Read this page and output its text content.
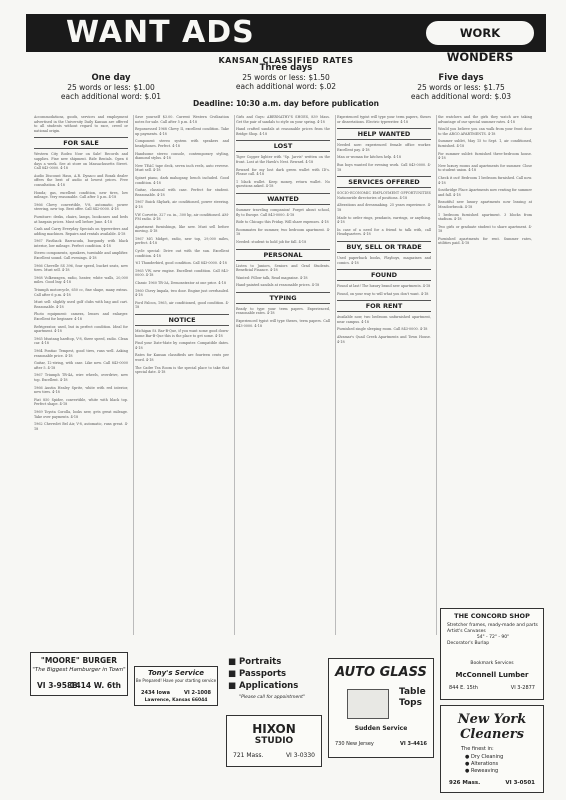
WANT ADS	WORK WONDERS
KANSAN CLASSIFIED RATES
One day
25 words or less: $1.00
each additional word: $.01
Three days
25 words or less: $1.50
each additional word: $.02
Five days
25 words or less: $1.75
each additional word: $.03
Deadline: 10:30 a.m. day before publication
Accommodations, goods, services and employment advertised in the University Daily Kansan are offered to all students without regard to race, creed or national origin.
FOR SALE
Western City Rodeo Now on Sale! Records and supplies. Fine new shipment. Ride Rentals. Open 6 days a week. See at store on Massachusetts Street. Call 843-0000. 4-18
Audio Discount Haus, A.R. Dynaco and Bozak dealer offers the best of audio at lowest prices. Free consultation. 4-18
Honda; gas, excellent condition, new tires, low mileage. Very reasonable. Call after 5 p.m. 4-18
1966 Chevy convertible, V-8, automatic, power steering, new top. Best offer. Call 842-0000. 4-18
Furniture: desks, chairs, lamps, bookcases and beds at bargain prices. Must sell before June. 4-18
Cash and Carry Everyday Specials on typewriters and adding machines. Repairs and rentals available. 4-18
1967 Fastback Barracuda, burgundy with black interior, low mileage. Perfect condition. 4-18
Stereo components, speakers, turntable and amplifier. Excellent sound. Call evenings. 4-18
1966 Chevelle SS 396, four speed, bucket seats, new tires. Must sell. 4-18
1968 Volkswagen, radio, heater, white walls, 20,000 miles. Good buy. 4-18
Triumph motorcycle, 650 cc, fine shape, many extras. Call after 6 p.m. 4-18
Must sell: slightly used golf clubs with bag and cart. Reasonable. 4-18
Photo equipment: camera, lenses and enlarger. Excellent for beginner. 4-18
Refrigerator, used, but in perfect condition. Ideal for apartment. 4-18
1965 Mustang hardtop, V-8, three speed, radio. Clean car. 4-18
1964 Pontiac Tempest, good tires, runs well. Asking reasonable price. 4-18
Guitar, 12-string, with case. Like new. Call 843-0000 after 5. 4-18
1967 Triumph TR-4A, wire wheels, overdrive, new top. Excellent. 4-18
1966 Austin Healey Sprite, white with red interior, new tires. 4-18
Fiat 850 Spider, convertible, white with black top. Perfect shape. 4-18
1969 Toyota Corolla, looks new, gets great mileage. Take over payments. 4-18
1962 Chevrolet Bel Air, V-8, automatic, runs great. 4-18
Save yourself $3.00. Current Western Civilization notes for sale. Call after 5 p.m. 4-18
Repossessed 1968 Chevy II, excellent condition. Take up payments. 4-18
Component stereo system with speakers and headphones. Perfect. 4-18
Handsome stereo console, contemporary styling, diamond stylus. 4-18
New TEAC tape deck, seven inch reels, auto reverse. Must sell. 4-18
Spinet piano, dark mahogany, bench included. Good condition. 4-18
Guitar, classical with case. Perfect for student. Reasonable. 4-18
1967 Buick Skylark, air conditioned, power steering. 4-18
VW Corvette, 327 cu. in., 300 hp, air conditioned. AM-FM radio. 4-18
Apartment furnishings, like new. Must sell before moving. 4-18
1967 MG Midget, radio, new top, 29,000 miles, perfect. 4-18
Cycle special: Drive out with the sun. Excellent condition. 4-18
'61 Thunderbird, good condition. Call 843-0000. 4-18
1965 VW, new engine. Excellent condition. Call 843-0000. 4-18
Classic 1960 TR-3A, Demonstrator at one price. 4-18
1960 Chevy Impala, two door. Engine just overhauled. 4-18
Ford Falcon, 1965, air conditioned, good condition. 4-18
NOTICE
Michigan St. Bar-B-Que, if you want some good down-home Bar-B-Que this is the place to get some. 4-18
Find your Date-Mate by computer. Compatible dates. 4-18
Rates for Kansan classifieds are fourteen cents per word. 4-18
The Cadre Tea Room is the special place to take that special date. 4-18
Girls and Guys: ABERNATHY'S SHOES, 839 Mass. Get the pair of sandals to style on your spring. 4-18
Hand crafted sandals at reasonable prices from the Bridge Shop. 4-18
LOST
Tiger Copper lighter with "Sp. Jarvis" written on the front. Lost at the Hawk's Nest. Reward. 4-18
Reward for my lost dark green wallet with ID's. Please call. 4-18
1 black wallet. Keep money, return wallet. No questions asked. 4-18
WANTED
Summer traveling companion! Forget about school, fly to Europe. Call 843-0000. 4-18
Ride to Chicago this Friday. Will share expenses. 4-18
Roommates for summer, two bedroom apartment. 4-18
Needed: student to hold job for fall. 4-18
PERSONAL
Listen to Juniors, Seniors and Grad Students. Beneficial Finance. 4-18
Wanted: Pillow talk, Read magazine. 4-18
Hand-painted sandals at reasonable prices. 4-18
TYPING
Ready to type your term papers. Experienced, reasonable rates. 4-18
Experienced typist will type theses, term papers. Call 843-0000. 4-18
Experienced typist will type your term papers, theses or dissertations. Electric typewriter. 4-18
HELP WANTED
Needed now: experienced female office worker. Excellent pay. 4-18
Man or woman for kitchen help. 4-18
Bus boys wanted for evening work. Call 843-0000. 4-18
SERVICES OFFERED
SOCIO-ECONOMIC EMPLOYMENT OPPORTUNITIES Nationwide directories of positions. 4-18
Alterations and dressmaking. 25 years experience. 4-18
Made to order rings, pendants, earrings, or anything. 4-18
In case of a need for a friend to talk with, call Headquarters. 4-18
BUY, SELL OR TRADE
Used paperback books, Playboys, magazines and comics. 4-18
FOUND
Found at last! The luxury brand new apartments. 4-18
Found, on your way to will what you don't want. 4-18
FOR RENT
Available now, two bedroom unfurnished apartment, near campus. 4-18
Furnished single sleeping room. Call 843-0000. 4-18
Alvamar's Quail Creek Apartments and Town House. 4-18
the watchers and the girls they watch are taking advantage of our special summer rates. 4-18
Would you believe you can walk from your front door to the ARGO APARTMENTS. 4-18
Summer sublet, May 15 to Sept. 1, air conditioned, furnished. 4-18
For summer sublet: furnished three-bedroom house. 4-18
New luxury rooms and apartments for summer. Close to student union. 4-18
Check it out! Bedroom 1 bedroom furnished. Call now. 4-18
Southridge Place Apartments now renting for summer and fall. 4-18
Beautiful new luxury apartments now leasing at Meadowbrook. 4-18
1 bedroom furnished apartment. 3 blocks from stadium. 4-18
Two girls or graduate student to share apartment. 4-18
Furnished apartments for rent. Summer rates, utilities paid. 4-18
"MOORE" BURGER
"The Biggest Hamburger in Town"
VI 3-9588
1414 W. 6th
Tony's Service
Be Prepared! Have your starting service
2434 Iowa	VI 2-1008
Lawrence, Kansas 66044
■ Portraits
■ Passports
■ Applications
"Please call for appointment"
HIXON
STUDIO
721 Mass.	VI 3-0330
AUTO GLASS
Table
Tops
Sudden Service
730 New Jersey	VI 3-4416
THE CONCORD SHOP
Stretcher frames, ready-made and parts
Artist's Canvases
54" - 72" - 90"
Decorator's Burlap
Bookmark Services
McConnell Lumber
844 E. 15th	VI 3-2877
New York
Cleaners
The finest in:
● Dry Cleaning
● Alterations
● Reweaving
926 Mass.	VI 3-0501
